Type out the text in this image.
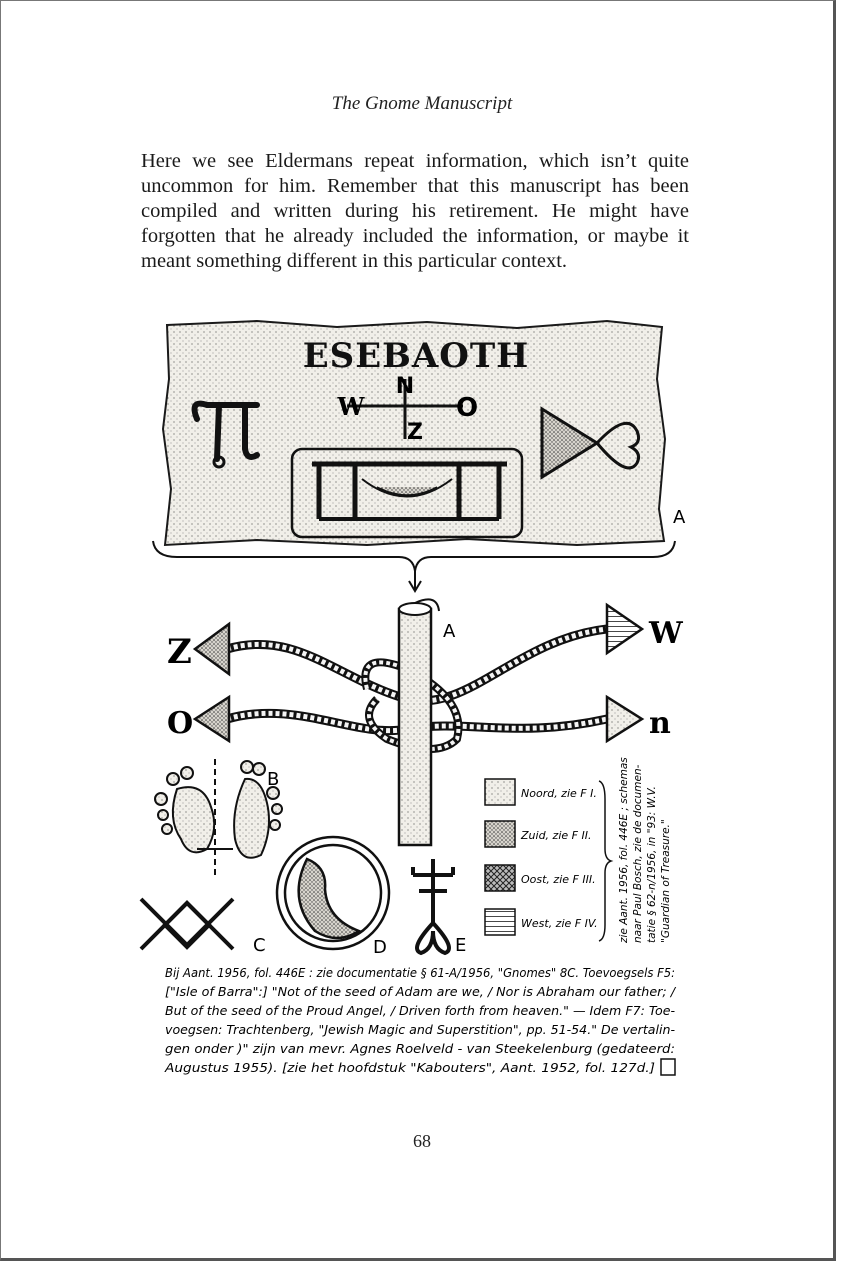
The Gnome Manuscript

Here we see Eldermans repeat information, which isn’t quite uncommon for him. Remember that this manuscript has been compiled and written during his retirement. He might have forgotten that he already included the information, or maybe it meant something different in this particular context.

ESEBAOTH
N
W	O
Z
A
A
Z
O
W
n
B
C	D	E
Noord, zie F I.
Zuid, zie F II.
Oost, zie F III.
West, zie F IV. zie Aant. 1956, fol. 446E ; schemas naar Paul Bosch, zie de documen- tatie § 62-n/1956, in "93: W.V. "Guardian of Treasure."
Bij Aant. 1956, fol. 446E : zie documentatie § 61-A/1956, "Gnomes" 8C. Toevoegsels F5:
["Isle of Barra":] "Not of the seed of Adam are we, / Nor is Abraham our father; /
But of the seed of the Proud Angel, / Driven forth from heaven." — Idem F7: Toe-
voegsen: Trachtenberg, "Jewish Magic and Superstition", pp. 51-54." De vertalin-
gen onder )" zijn van mevr. Agnes Roelveld - van Steekelenburg (gedateerd:
Augustus 1955). [zie het hoofdstuk "Kabouters", Aant. 1952, fol. 127d.]
68
